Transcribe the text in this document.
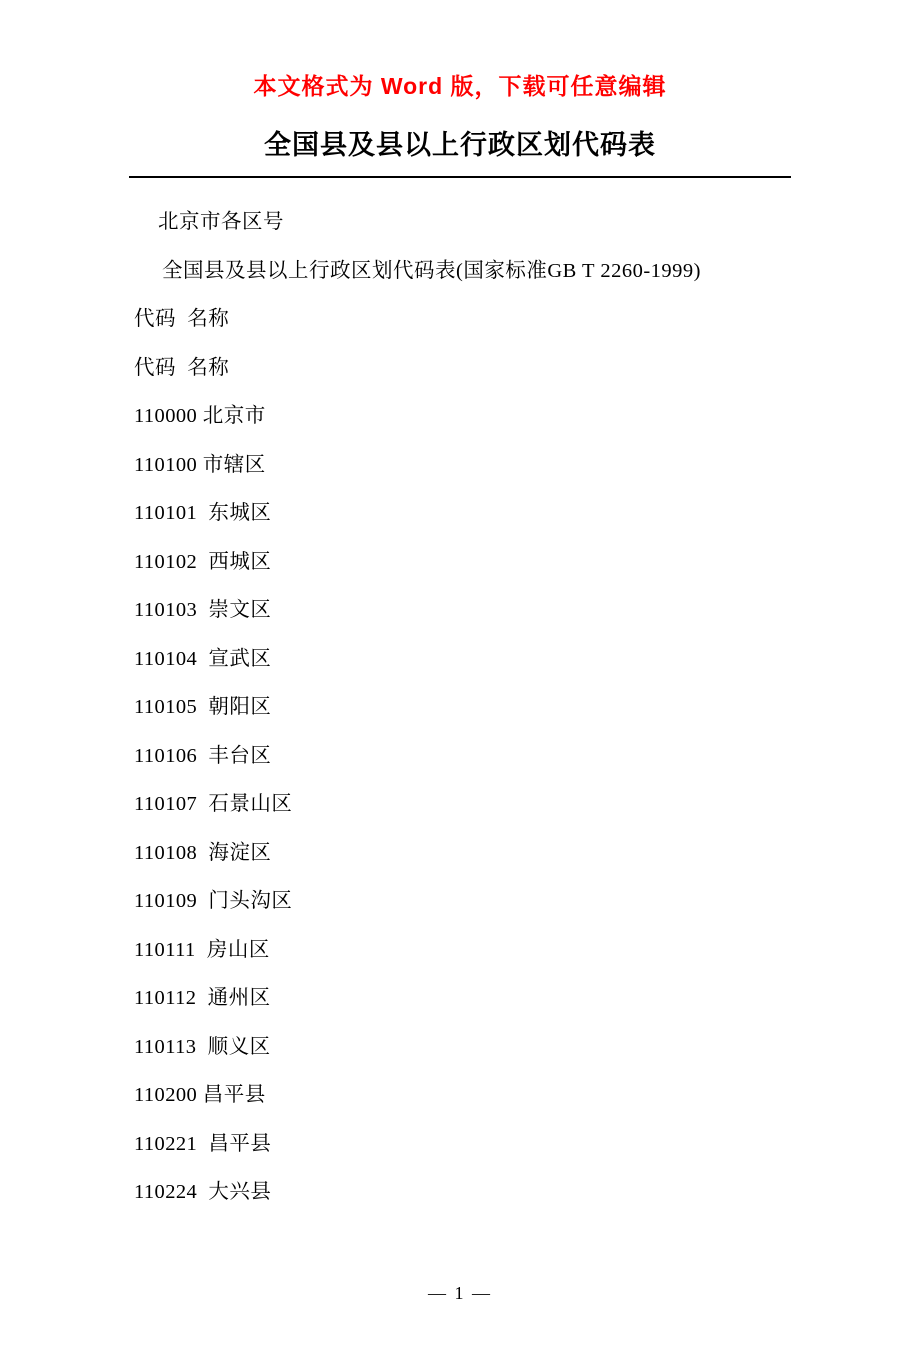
本文格式为 Word 版，下载可任意编辑
全国县及县以上行政区划代码表
北京市各区号
全国县及县以上行政区划代码表(国家标准GB T 2260-1999)
代码  名称
代码  名称
110000 北京市
110100 市辖区
110101 东城区
110102 西城区
110103 崇文区
110104 宣武区
110105 朝阳区
110106 丰台区
110107 石景山区
110108 海淀区
110109 门头沟区
110111 房山区
110112 通州区
110113 顺义区
110200 昌平县
110221 昌平县
110224 大兴县
— 1 —
